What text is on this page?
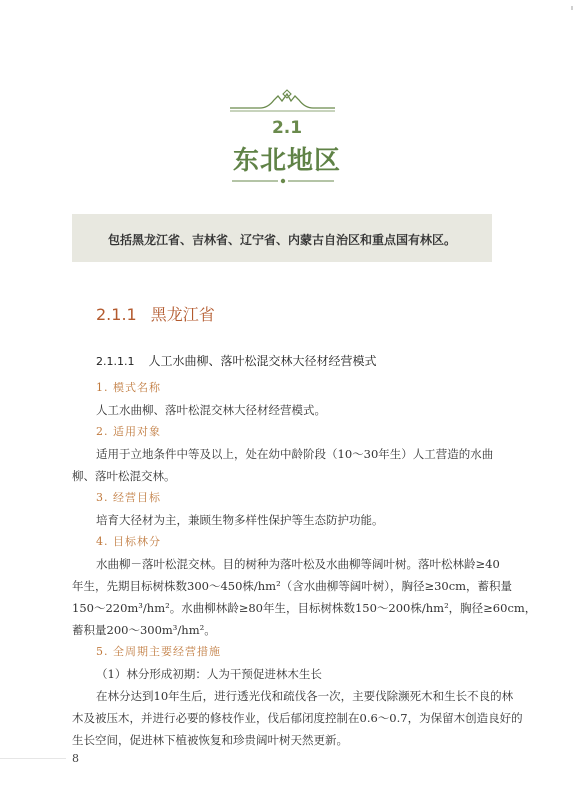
2.1
东北地区
包括黑龙江省、吉林省、辽宁省、内蒙古自治区和重点国有林区。
2.1.1 黑龙江省
2.1.1.1 人工水曲柳、落叶松混交林大径材经营模式
1. 模式名称
人工水曲柳、落叶松混交林大径材经营模式。
2. 适用对象
适用于立地条件中等及以上，处在幼中龄阶段（10～30年生）人工营造的水曲
柳、落叶松混交林。
3. 经营目标
培育大径材为主，兼顾生物多样性保护等生态防护功能。
4. 目标林分
水曲柳－落叶松混交林。目的树种为落叶松及水曲柳等阔叶树。落叶松林龄≥40
年生，先期目标树株数300～450株/hm²（含水曲柳等阔叶树），胸径≥30cm，蓄积量
150～220m³/hm²。水曲柳林龄≥80年生，目标树株数150～200株/hm²，胸径≥60cm，
蓄积量200～300m³/hm²。
5. 全周期主要经营措施
（1）林分形成初期：人为干预促进林木生长
在林分达到10年生后，进行透光伐和疏伐各一次，主要伐除濒死木和生长不良的林
木及被压木，并进行必要的修枝作业，伐后郁闭度控制在0.6～0.7，为保留木创造良好的
生长空间，促进林下植被恢复和珍贵阔叶树天然更新。
8
